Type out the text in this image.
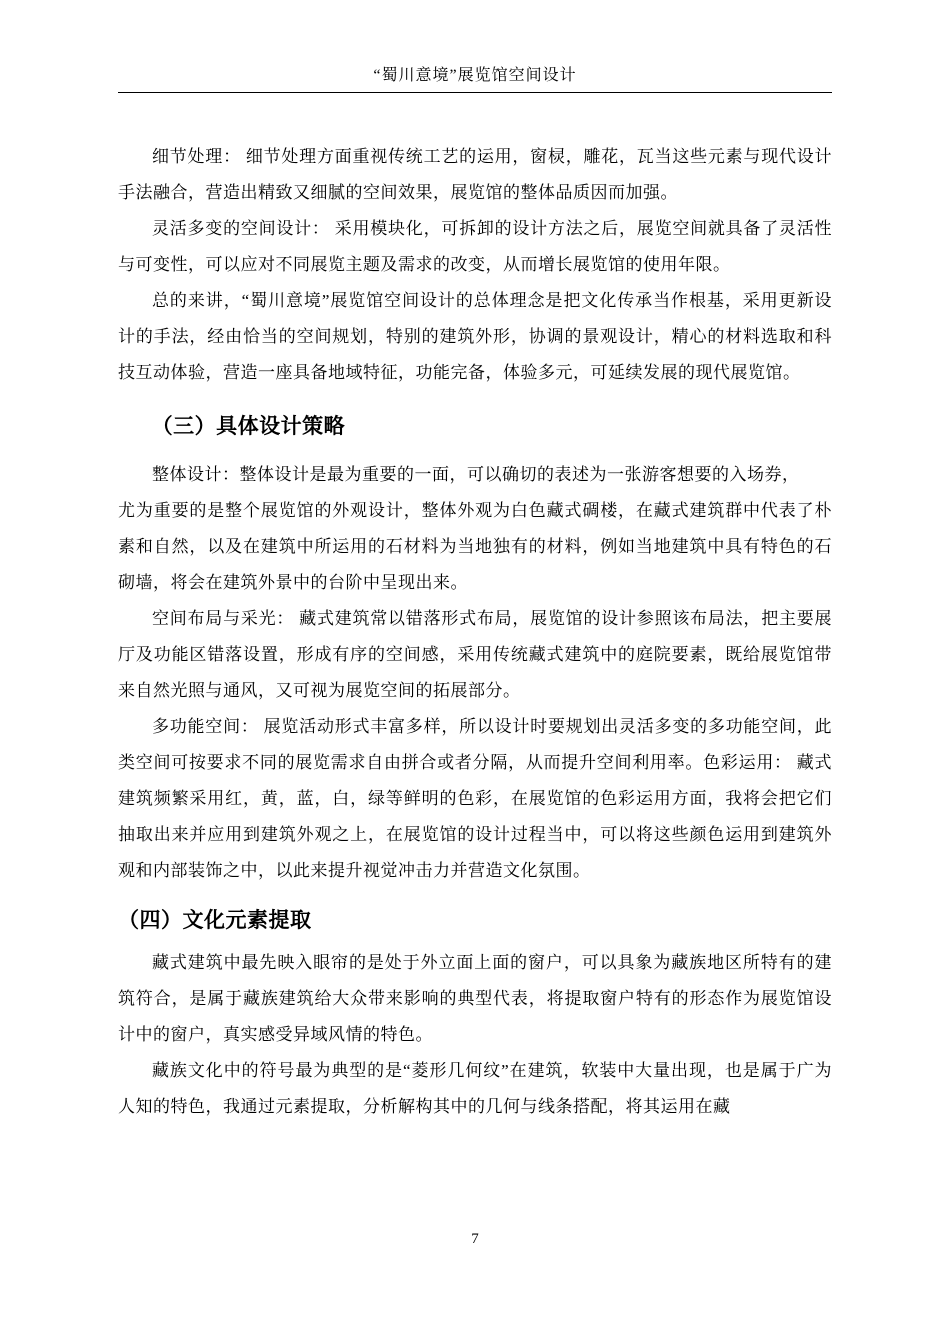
“蜀川意境”展览馆空间设计

细节处理： 细节处理方面重视传统工艺的运用，窗棂，雕花，瓦当这些元素与现代设计手法融合，营造出精致又细腻的空间效果，展览馆的整体品质因而加强。

灵活多变的空间设计： 采用模块化，可拆卸的设计方法之后，展览空间就具备了灵活性与可变性，可以应对不同展览主题及需求的改变，从而增长展览馆的使用年限。

总的来讲，“蜀川意境”展览馆空间设计的总体理念是把文化传承当作根基，采用更新设计的手法，经由恰当的空间规划，特别的建筑外形，协调的景观设计，精心的材料选取和科技互动体验，营造一座具备地域特征，功能完备，体验多元，可延续发展的现代展览馆。

（三）具体设计策略

整体设计：整体设计是最为重要的一面，可以确切的表述为一张游客想要的入场券，

尤为重要的是整个展览馆的外观设计，整体外观为白色藏式碉楼，在藏式建筑群中代表了朴素和自然，以及在建筑中所运用的石材料为当地独有的材料，例如当地建筑中具有特色的石砌墙，将会在建筑外景中的台阶中呈现出来。

空间布局与采光： 藏式建筑常以错落形式布局，展览馆的设计参照该布局法，把主要展厅及功能区错落设置，形成有序的空间感，采用传统藏式建筑中的庭院要素，既给展览馆带来自然光照与通风，又可视为展览空间的拓展部分。

多功能空间： 展览活动形式丰富多样，所以设计时要规划出灵活多变的多功能空间，此类空间可按要求不同的展览需求自由拼合或者分隔，从而提升空间利用率。色彩运用： 藏式建筑频繁采用红，黄，蓝，白，绿等鲜明的色彩，在展览馆的色彩运用方面，我将会把它们抽取出来并应用到建筑外观之上，在展览馆的设计过程当中，可以将这些颜色运用到建筑外观和内部装饰之中，以此来提升视觉冲击力并营造文化氛围。

（四）文化元素提取

藏式建筑中最先映入眼帘的是处于外立面上面的窗户，可以具象为藏族地区所特有的建筑符合，是属于藏族建筑给大众带来影响的典型代表，将提取窗户特有的形态作为展览馆设计中的窗户，真实感受异域风情的特色。

藏族文化中的符号最为典型的是“菱形几何纹”在建筑，软装中大量出现，也是属于广为人知的特色，我通过元素提取，分析解构其中的几何与线条搭配，将其运用在藏

7
